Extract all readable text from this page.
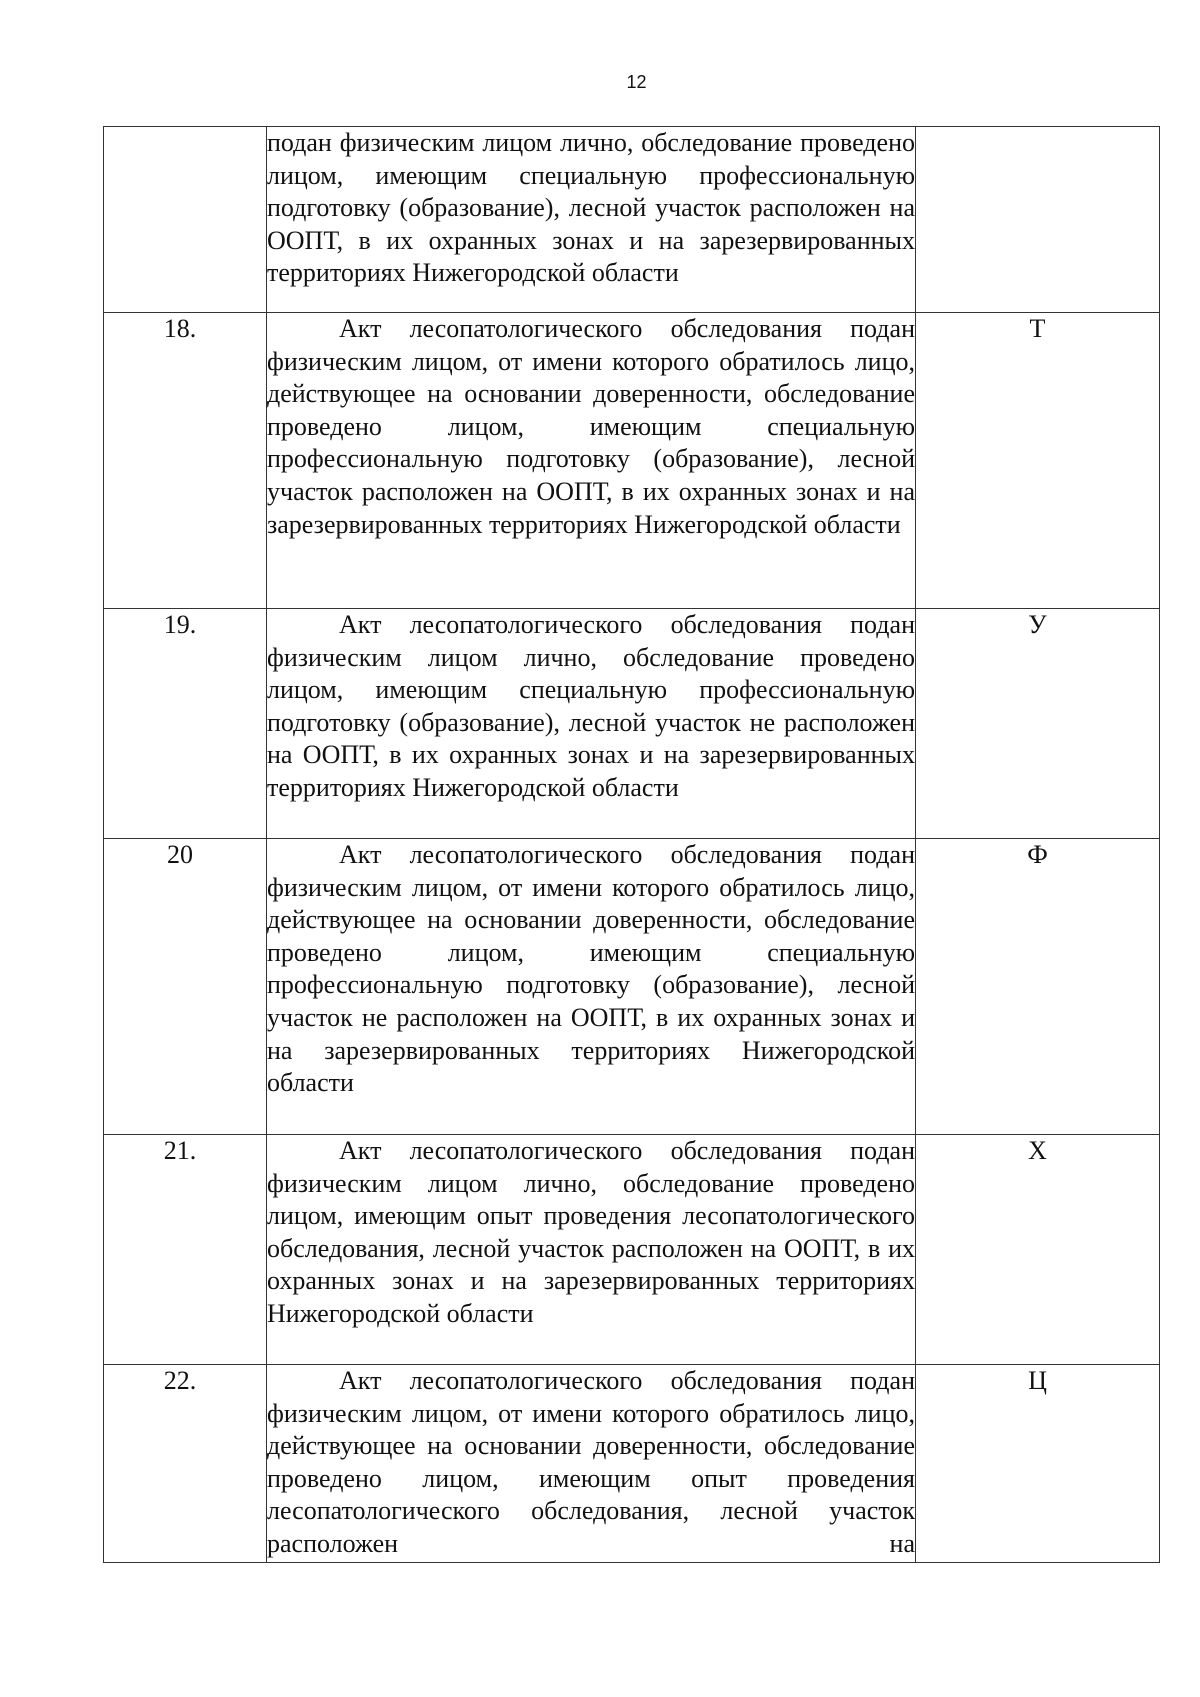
12

	подан физическим лицом лично, обследование проведено лицом, имеющим специальную профессиональную подготовку (образование), лесной участок расположен на ООПТ, в их охранных зонах и на зарезервированных территориях Нижегородской области	

18.	Акт лесопатологического обследования подан физическим лицом, от имени которого обратилось лицо, действующее на основании доверенности, обследование проведено лицом, имеющим специальную профессиональную подготовку (образование), лесной участок расположен на ООПТ, в их охранных зонах и на зарезервированных территориях Нижегородской области	Т
19.	Акт лесопатологического обследования подан физическим лицом лично, обследование проведено лицом, имеющим специальную профессиональную подготовку (образование), лесной участок не расположен на ООПТ, в их охранных зонах и на зарезервированных территориях Нижегородской области	У
20	Акт лесопатологического обследования подан физическим лицом, от имени которого обратилось лицо, действующее на основании доверенности, обследование проведено лицом, имеющим специальную профессиональную подготовку (образование), лесной участок не расположен на ООПТ, в их охранных зонах и на зарезервированных территориях Нижегородской области	Ф
21.	Акт лесопатологического обследования подан физическим лицом лично, обследование проведено лицом, имеющим опыт проведения лесопатологического обследования, лесной участок расположен на ООПТ, в их охранных зонах и на зарезервированных территориях Нижегородской области	Х
22.	Акт лесопатологического обследования подан физическим лицом, от имени которого обратилось лицо, действующее на основании доверенности, обследование проведено лицом, имеющим опыт проведения лесопатологического обследования, лесной участок расположен на	Ц
